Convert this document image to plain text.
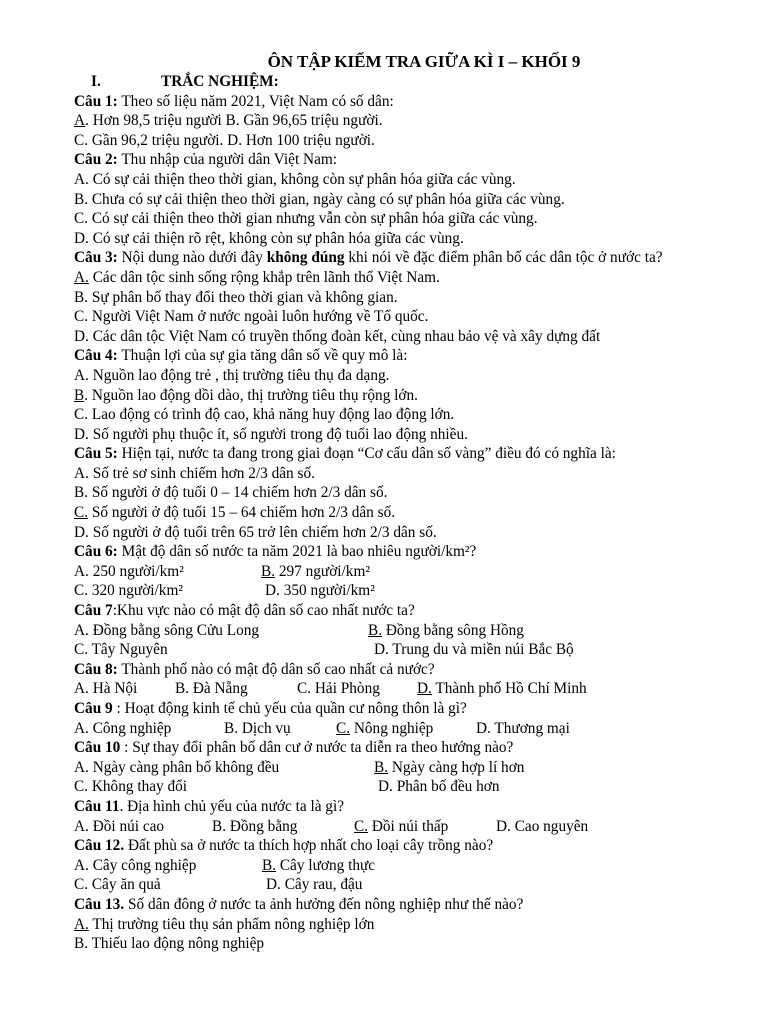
ÔN TẬP KIỂM TRA GIỮA KÌ I – KHỐI 9
I.	TRẮC NGHIỆM:
Câu 1: Theo số liệu năm 2021, Việt Nam có số dân:
A. Hơn 98,5 triệu người B. Gần 96,65 triệu người.
C. Gần 96,2 triệu người. D. Hơn 100 triệu người.
Câu 2: Thu nhập của người dân Việt Nam:
A. Có sự cải thiện theo thời gian, không còn sự phân hóa giữa các vùng.
B. Chưa có sự cải thiện theo thời gian, ngày càng có sự phân hóa giữa các vùng.
C. Có sự cải thiện theo thời gian nhưng vẫn còn sự phân hóa giữa các vùng.
D. Có sự cải thiện rõ rệt, không còn sự phân hóa giữa các vùng.
Câu 3: Nội dung nào dưới đây không đúng khi nói về đặc điểm phân bố các dân tộc ở nước ta?
A. Các dân tộc sinh sống rộng khắp trên lãnh thổ Việt Nam.
B. Sự phân bố thay đổi theo thời gian và không gian.
C. Người Việt Nam ở nước ngoài luôn hướng về Tổ quốc.
D. Các dân tộc Việt Nam có truyền thống đoàn kết, cùng nhau bảo vệ và xây dựng đất
Câu 4: Thuận lợi của sự gia tăng dân số về quy mô là:
A. Nguồn lao động trẻ , thị trường tiêu thụ đa dạng.
B. Nguồn lao động dồi dào, thị trường tiêu thụ rộng lớn.
C. Lao động có trình độ cao, khả năng huy động lao động lớn.
D. Số người phụ thuộc ít, số người trong độ tuổi lao động nhiều.
Câu 5: Hiện tại, nước ta đang trong giai đoạn “Cơ cấu dân số vàng” điều đó có nghĩa là:
A. Số trẻ sơ sinh chiếm hơn 2/3 dân số.
B. Số người ở độ tuổi 0 – 14 chiếm hơn 2/3 dân số.
C. Số người ở độ tuổi 15 – 64 chiếm hơn 2/3 dân số.
D. Số người ở độ tuổi trên 65 trở lên chiếm hơn 2/3 dân số.
Câu 6: Mật độ dân số nước ta năm 2021 là bao nhiêu người/km²?
A. 250 người/km²	B. 297 người/km²
C. 320 người/km²	D. 350 người/km²
Câu 7:Khu vực nào có mật độ dân số cao nhất nước ta?
A. Đồng bằng sông Cửu Long	B. Đồng bằng sông Hồng
C. Tây Nguyên	D. Trung du và miền núi Bắc Bộ
Câu 8: Thành phố nào có mật độ dân số cao nhất cả nước?
A. Hà Nội	B. Đà Nẵng	C. Hải Phòng	D. Thành phố Hồ Chí Minh
Câu 9 : Hoạt động kinh tế chủ yếu của quần cư nông thôn là gì?
A. Công nghiệp	B. Dịch vụ	C. Nông nghiệp	D. Thương mại
Câu 10 : Sự thay đổi phân bố dân cư ở nước ta diễn ra theo hướng nào?
A. Ngày càng phân bố không đều	B. Ngày càng hợp lí hơn
C. Không thay đổi	D. Phân bố đều hơn
Câu 11. Địa hình chủ yếu của nước ta là gì?
A. Đồi núi cao	B. Đồng bằng	C. Đồi núi thấp	D. Cao nguyên
Câu 12. Đất phù sa ở nước ta thích hợp nhất cho loại cây trồng nào?
A. Cây công nghiệp	B. Cây lương thực
C. Cây ăn quả	D. Cây rau, đậu
Câu 13. Số dân đông ở nước ta ảnh hưởng đến nông nghiệp như thế nào?
A. Thị trường tiêu thụ sản phẩm nông nghiệp lớn
B. Thiếu lao động nông nghiệp
